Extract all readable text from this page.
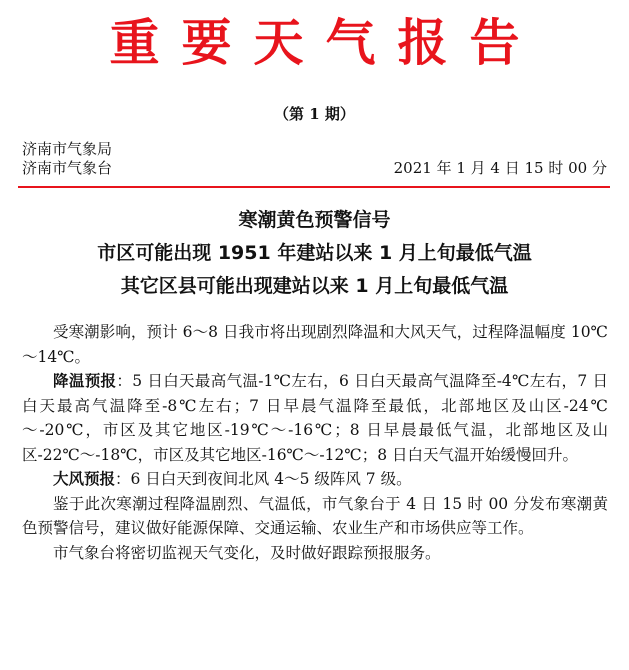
重要天气报告
（第 1 期）
济南市气象局
济南市气象台	2021 年 1 月 4 日 15 时 00 分
寒潮黄色预警信号
市区可能出现 1951 年建站以来 1 月上旬最低气温
其它区县可能出现建站以来 1 月上旬最低气温

受寒潮影响，预计 6～8 日我市将出现剧烈降温和大风天气，过程降温幅度 10℃～14℃。

降温预报：5 日白天最高气温-1℃左右，6 日白天最高气温降至-4℃左右，7 日白天最高气温降至-8℃左右；7 日早晨气温降至最低，北部地区及山区-24℃～-20℃，市区及其它地区-19℃～-16℃；8 日早晨最低气温，北部地区及山区-22℃～-18℃，市区及其它地区-16℃～-12℃；8 日白天气温开始缓慢回升。

大风预报：6 日白天到夜间北风 4～5 级阵风 7 级。

鉴于此次寒潮过程降温剧烈、气温低，市气象台于 4 日 15 时 00 分发布寒潮黄色预警信号，建议做好能源保障、交通运输、农业生产和市场供应等工作。

市气象台将密切监视天气变化，及时做好跟踪预报服务。
